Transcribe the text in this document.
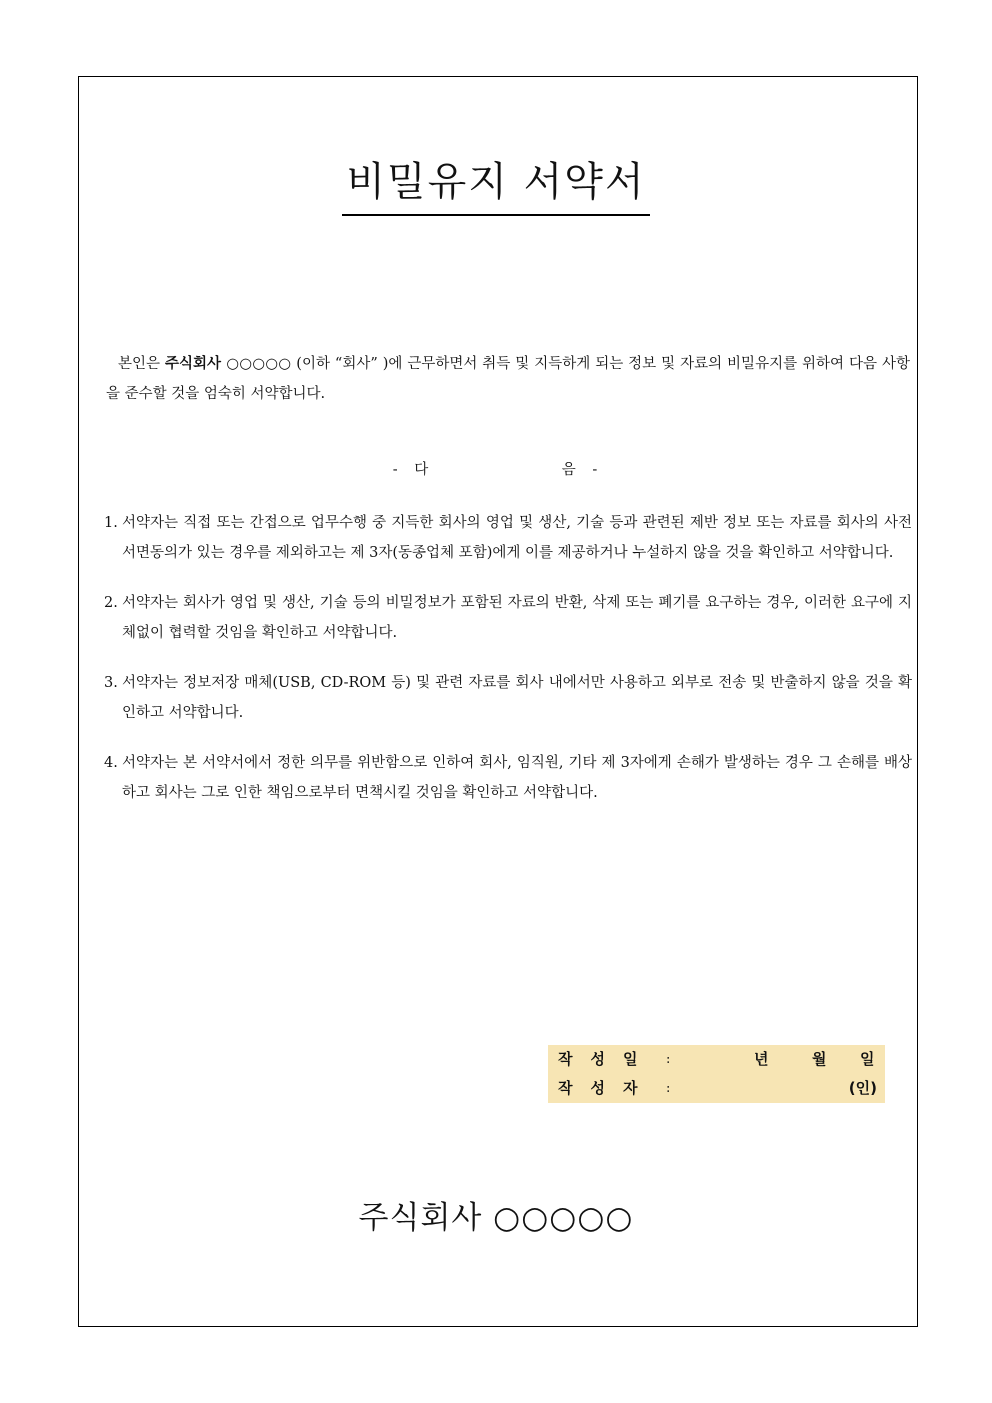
비밀유지 서약서
본인은 주식회사 ○○○○○ (이하 “회사” )에 근무하면서 취득 및 지득하게 되는 정보 및 자료의 비밀유지를 위하여 다음 사항을 준수할 것을 엄숙히 서약합니다.
- 다	음 -
1. 서약자는 직접 또는 간접으로 업무수행 중 지득한 회사의 영업 및 생산, 기술 등과 관련된 제반 정보 또는 자료를 회사의 사전 서면동의가 있는 경우를 제외하고는 제 3자(동종업체 포함)에게 이를 제공하거나 누설하지 않을 것을 확인하고 서약합니다.
2. 서약자는 회사가 영업 및 생산, 기술 등의 비밀정보가 포함된 자료의 반환, 삭제 또는 폐기를 요구하는 경우, 이러한 요구에 지체없이 협력할 것임을 확인하고 서약합니다.
3. 서약자는 정보저장 매체(USB, CD-ROM 등) 및 관련 자료를 회사 내에서만 사용하고 외부로 전송 및 반출하지 않을 것을 확인하고 서약합니다.
4. 서약자는 본 서약서에서 정한 의무를 위반함으로 인하여 회사, 임직원, 기타 제 3자에게 손해가 발생하는 경우 그 손해를 배상하고 회사는 그로 인한 책임으로부터 면책시킬 것임을 확인하고 서약합니다.
작성일 :	년	월 일
작성자 :	(인)
주식회사 ○○○○○
